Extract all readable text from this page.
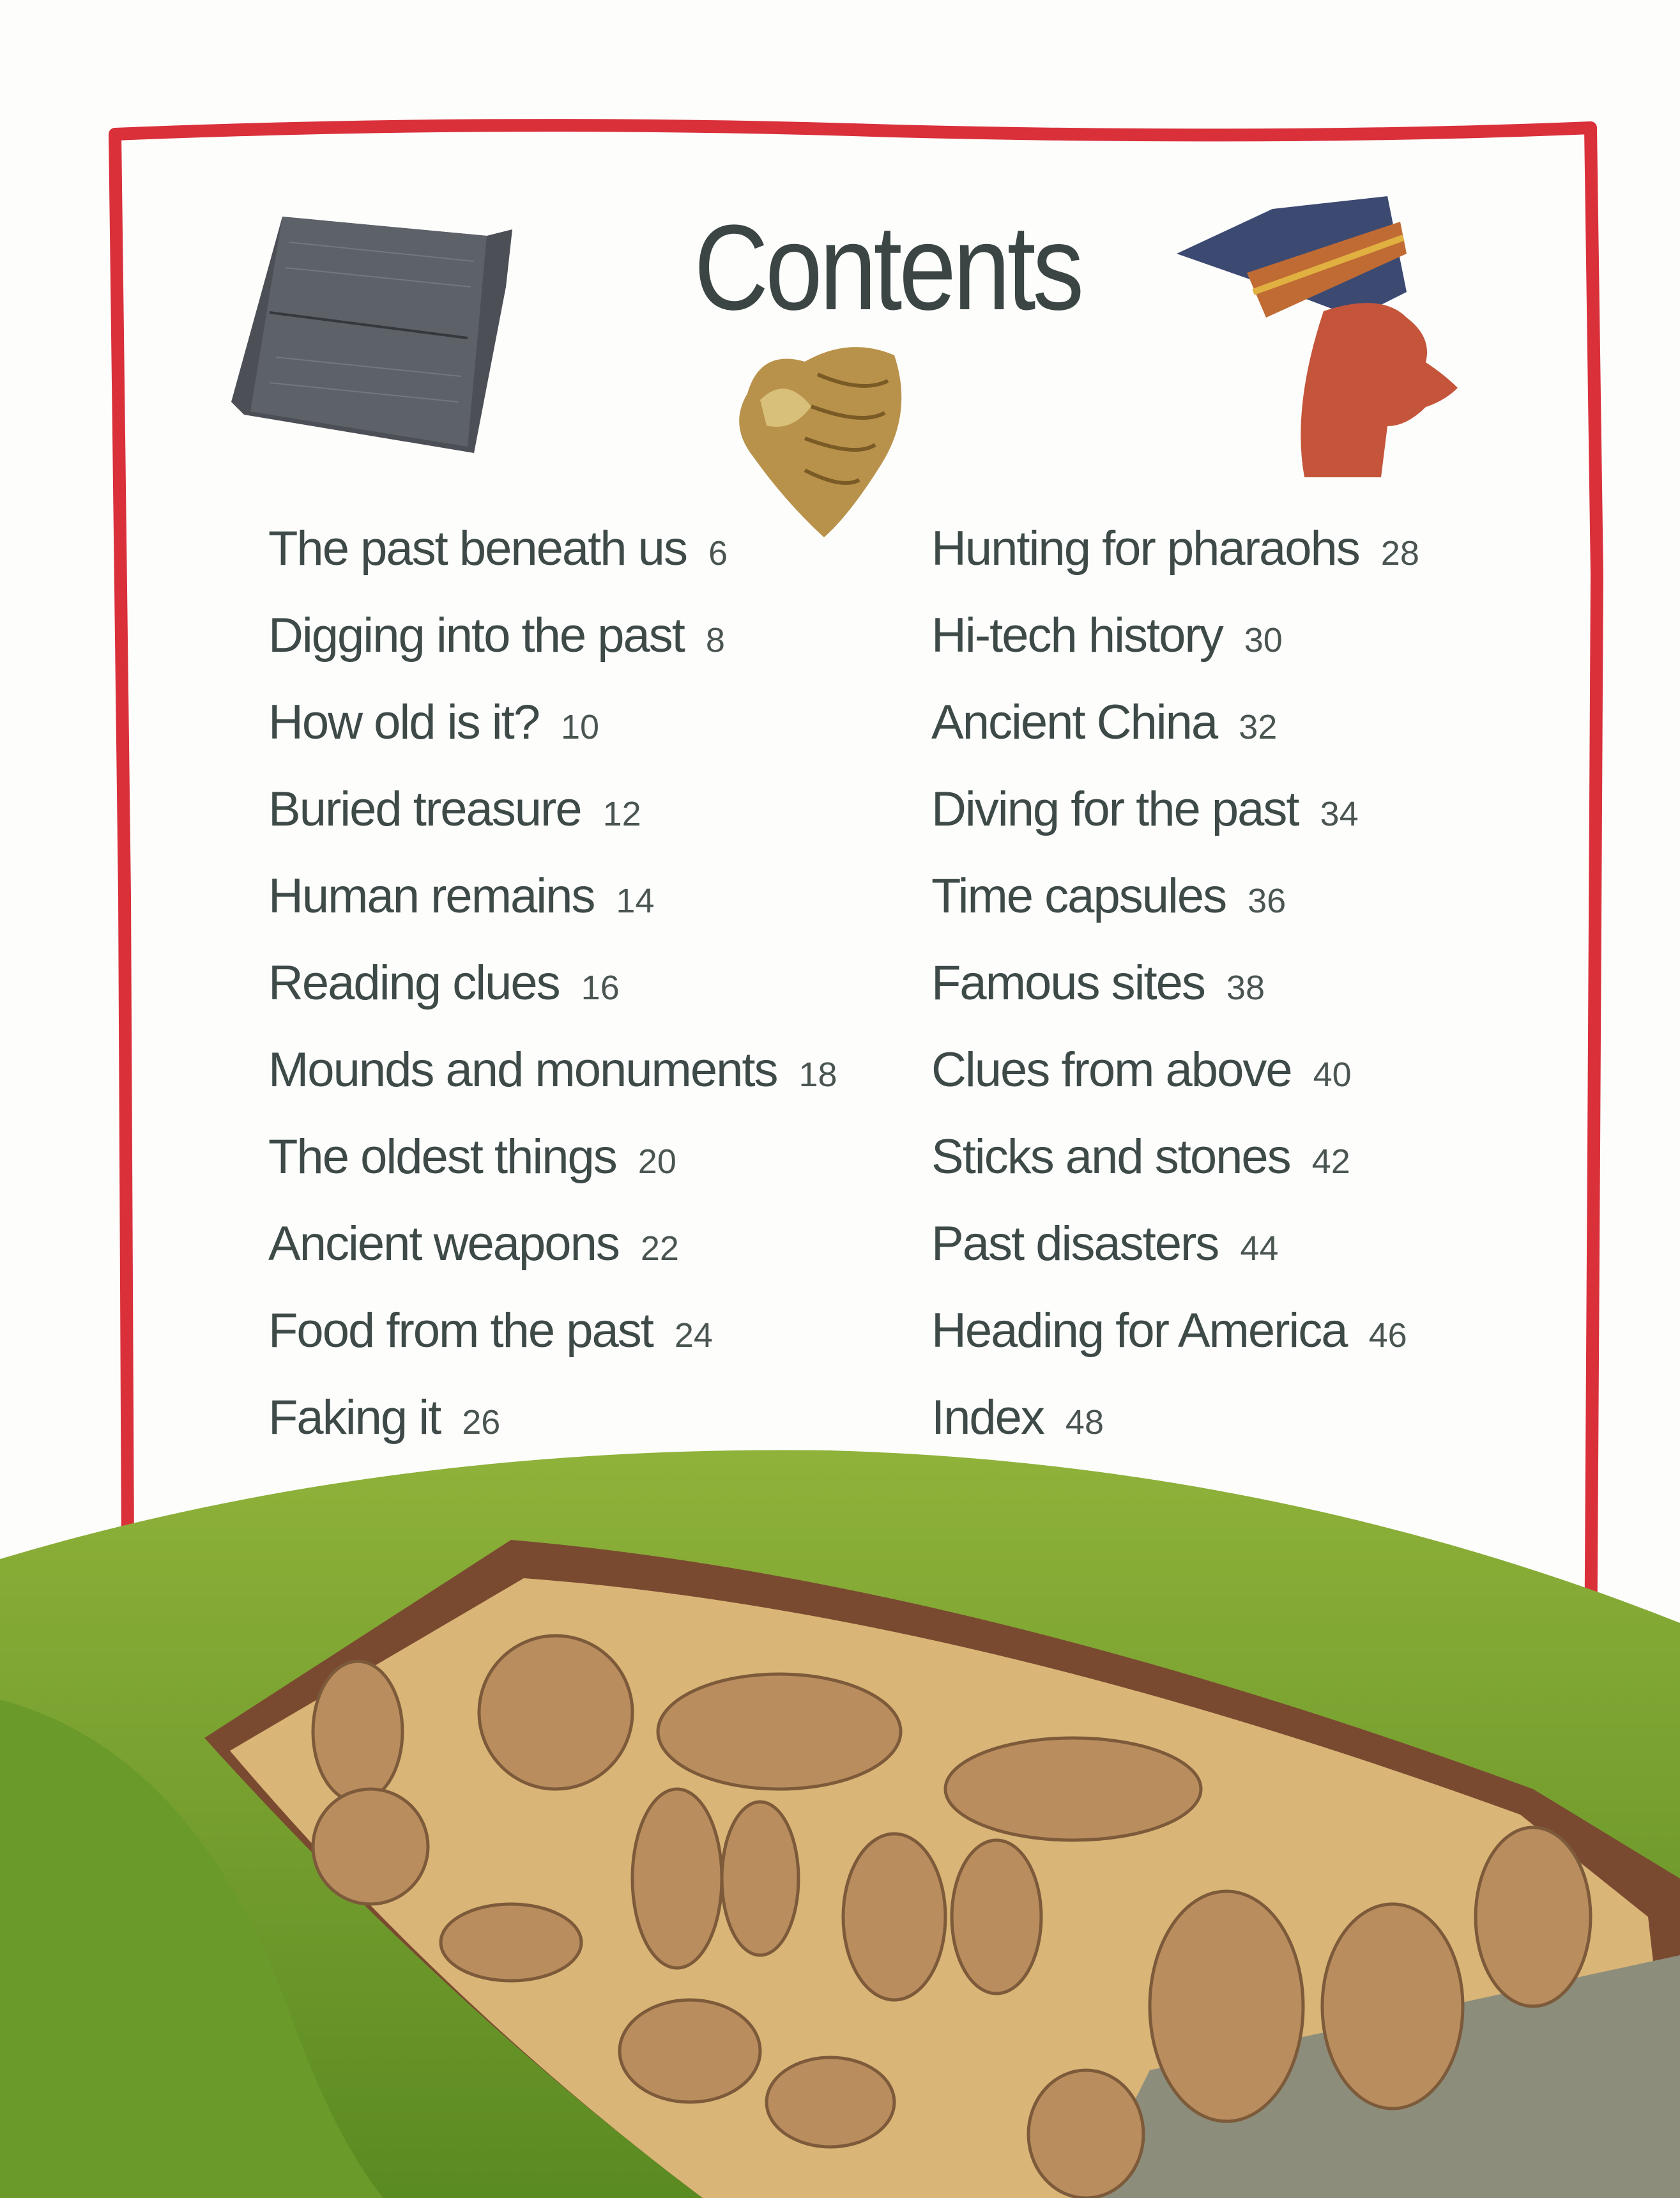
Contents
The past beneath us 6
Digging into the past 8
How old is it? 10
Buried treasure 12
Human remains 14
Reading clues 16
Mounds and monuments 18
The oldest things 20
Ancient weapons 22
Food from the past 24
Faking it 26
Hunting for pharaohs 28
Hi-tech history 30
Ancient China 32
Diving for the past 34
Time capsules 36
Famous sites 38
Clues from above 40
Sticks and stones 42
Past disasters 44
Heading for America 46
Index 48
